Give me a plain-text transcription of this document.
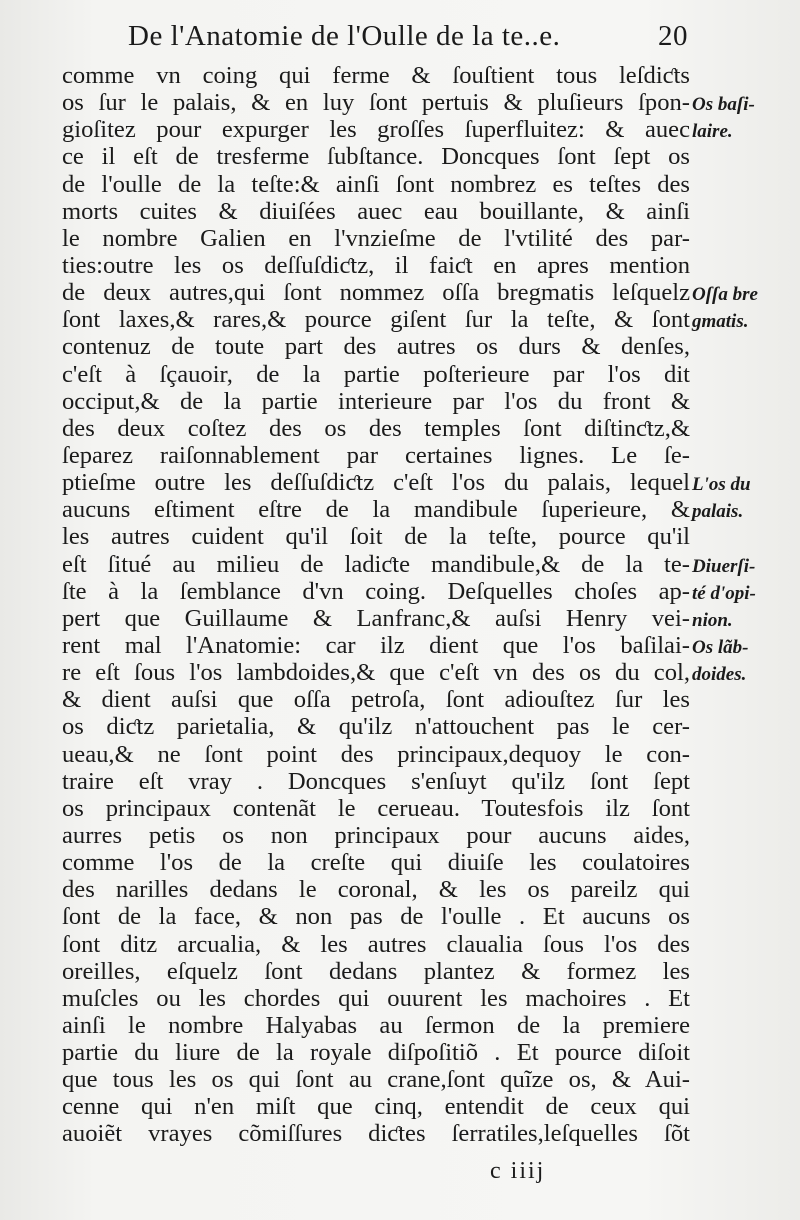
De l'Anatomie de l'Oulle de la te..e.	20
comme vn coing qui ferme & ſouſtient tous leſdiƈts
os ſur le palais, & en luy ſont pertuis & pluſieurs ſpon-
gioſitez pour expurger les groſſes ſuperfluitez: & auec
ce il eſt de tresferme ſubſtance. Doncques ſont ſept os
de l'oulle de la teſte:& ainſi ſont nombrez es teſtes des
morts cuites & diuiſées auec eau bouillante, & ainſi
le nombre Galien en l'vnzieſme de l'vtilité des par-
ties:outre les os deſſuſdiƈtz, il faiƈt en apres mention
de deux autres,qui ſont nommez oſſa bregmatis leſquelz
ſont laxes,& rares,& pource giſent ſur la teſte, & ſont
contenuz de toute part des autres os durs & denſes,
c'eſt à ſçauoir, de la partie poſterieure par l'os dit
occiput,& de la partie interieure par l'os du front &
des deux coſtez des os des temples ſont diſtinƈtz,&
ſeparez raiſonnablement par certaines lignes. Le ſe-
ptieſme outre les deſſuſdiƈtz c'eſt l'os du palais, lequel
aucuns eſtiment eſtre de la mandibule ſuperieure, &
les autres cuident qu'il ſoit de la teſte, pource qu'il
eſt ſitué au milieu de ladiƈte mandibule,& de la te-
ſte à la ſemblance d'vn coing. Deſquelles choſes ap-
pert que Guillaume & Lanfranc,& auſsi Henry vei-
rent mal l'Anatomie: car ilz dient que l'os baſilai-
re eſt ſous l'os lambdoides,& que c'eſt vn des os du col,
& dient auſsi que oſſa petroſa, ſont adiouſtez ſur les
os diƈtz parietalia, & qu'ilz n'attouchent pas le cer-
ueau,& ne ſont point des principaux,dequoy le con-
traire eſt vray . Doncques s'enſuyt qu'ilz ſont ſept
os principaux contenãt le cerueau. Toutesfois ilz ſont
aurres petis os non principaux pour aucuns aides,
comme l'os de la creſte qui diuiſe les coulatoires
des narilles dedans le coronal, & les os pareilz qui
ſont de la face, & non pas de l'oulle . Et aucuns os
ſont ditz arcualia, & les autres claualia ſous l'os des
oreilles, eſquelz ſont dedans plantez & formez les
muſcles ou les chordes qui ouurent les machoires . Et
ainſi le nombre Halyabas au ſermon de la premiere
partie du liure de la royale diſpoſitiõ . Et pource diſoit
que tous les os qui ſont au crane,ſont quĩze os, & Aui-
cenne qui n'en miſt que cinq, entendit de ceux qui
auoiẽt vrayes cõmiſſures diƈtes ſerratiles,leſquelles ſõt
Os baſi-
laire.
Oſſa bre
gmatis.
L'os du
palais.
Diuerſi-
té d'opi-
nion.
Os lãb-
doides.
c iiij
